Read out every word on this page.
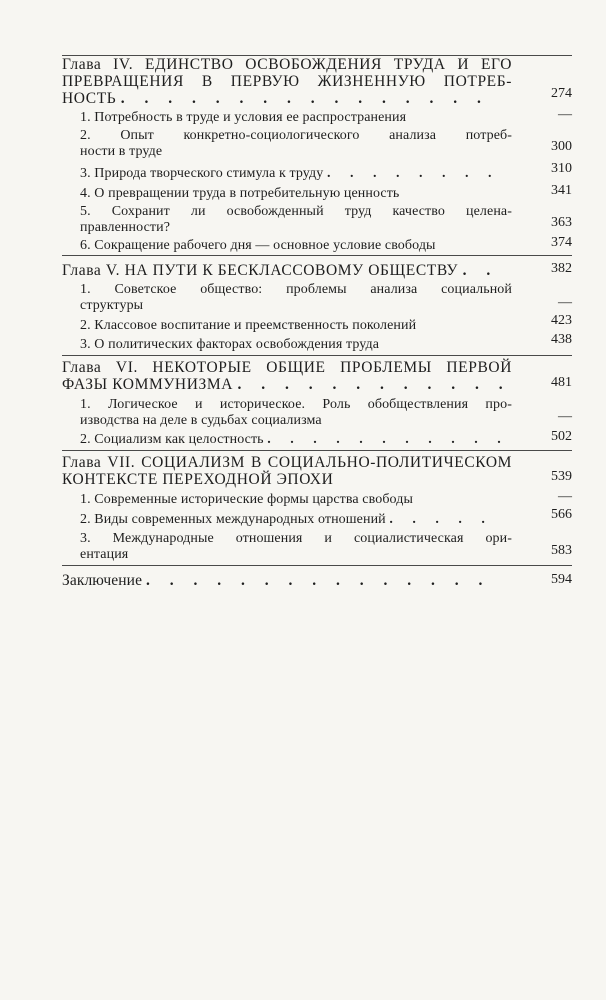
Глава IV. ЕДИНСТВО ОСВОБОЖДЕНИЯ ТРУДА И ЕГО
ПРЕВРАЩЕНИЯ В ПЕРВУЮ ЖИЗНЕННУЮ ПОТРЕБ-
НОСТЬ . . . . . . . . . . . . . . . .	274
1. Потребность в труде и условия ее распространения	—
2. Опыт конкретно-социологического анализа потреб-
ности в труде	300
3. Природа творческого стимула к труду . . . . . . . .	310
4. О превращении труда в потребительную ценность	341
5. Сохранит ли освобожденный труд качество целена-
правленности?	363
6. Сокращение рабочего дня — основное условие свободы	374
Глава V. НА ПУТИ К БЕСКЛАССОВОМУ ОБЩЕСТВУ . .	382
1. Советское общество: проблемы анализа социальной
структуры	—
2. Классовое воспитание и преемственность поколений	423
3. О политических факторах освобождения труда	438
Глава VI. НЕКОТОРЫЕ ОБЩИЕ ПРОБЛЕМЫ ПЕРВОЙ
ФАЗЫ КОММУНИЗМА . . . . . . . . . . . .	481
1. Логическое и историческое. Роль обобществления про-
изводства на деле в судьбах социализма	—
2. Социализм как целостность . . . . . . . . . . .	502
Глава VII. СОЦИАЛИЗМ В СОЦИАЛЬНО-ПОЛИТИЧЕСКОМ
КОНТЕКСТЕ ПЕРЕХОДНОЙ ЭПОХИ	539
1. Современные исторические формы царства свободы	—
2. Виды современных международных отношений . . . . .	566
3. Международные отношения и социалистическая ори-
ентация	583
Заключение . . . . . . . . . . . . . . .	594
